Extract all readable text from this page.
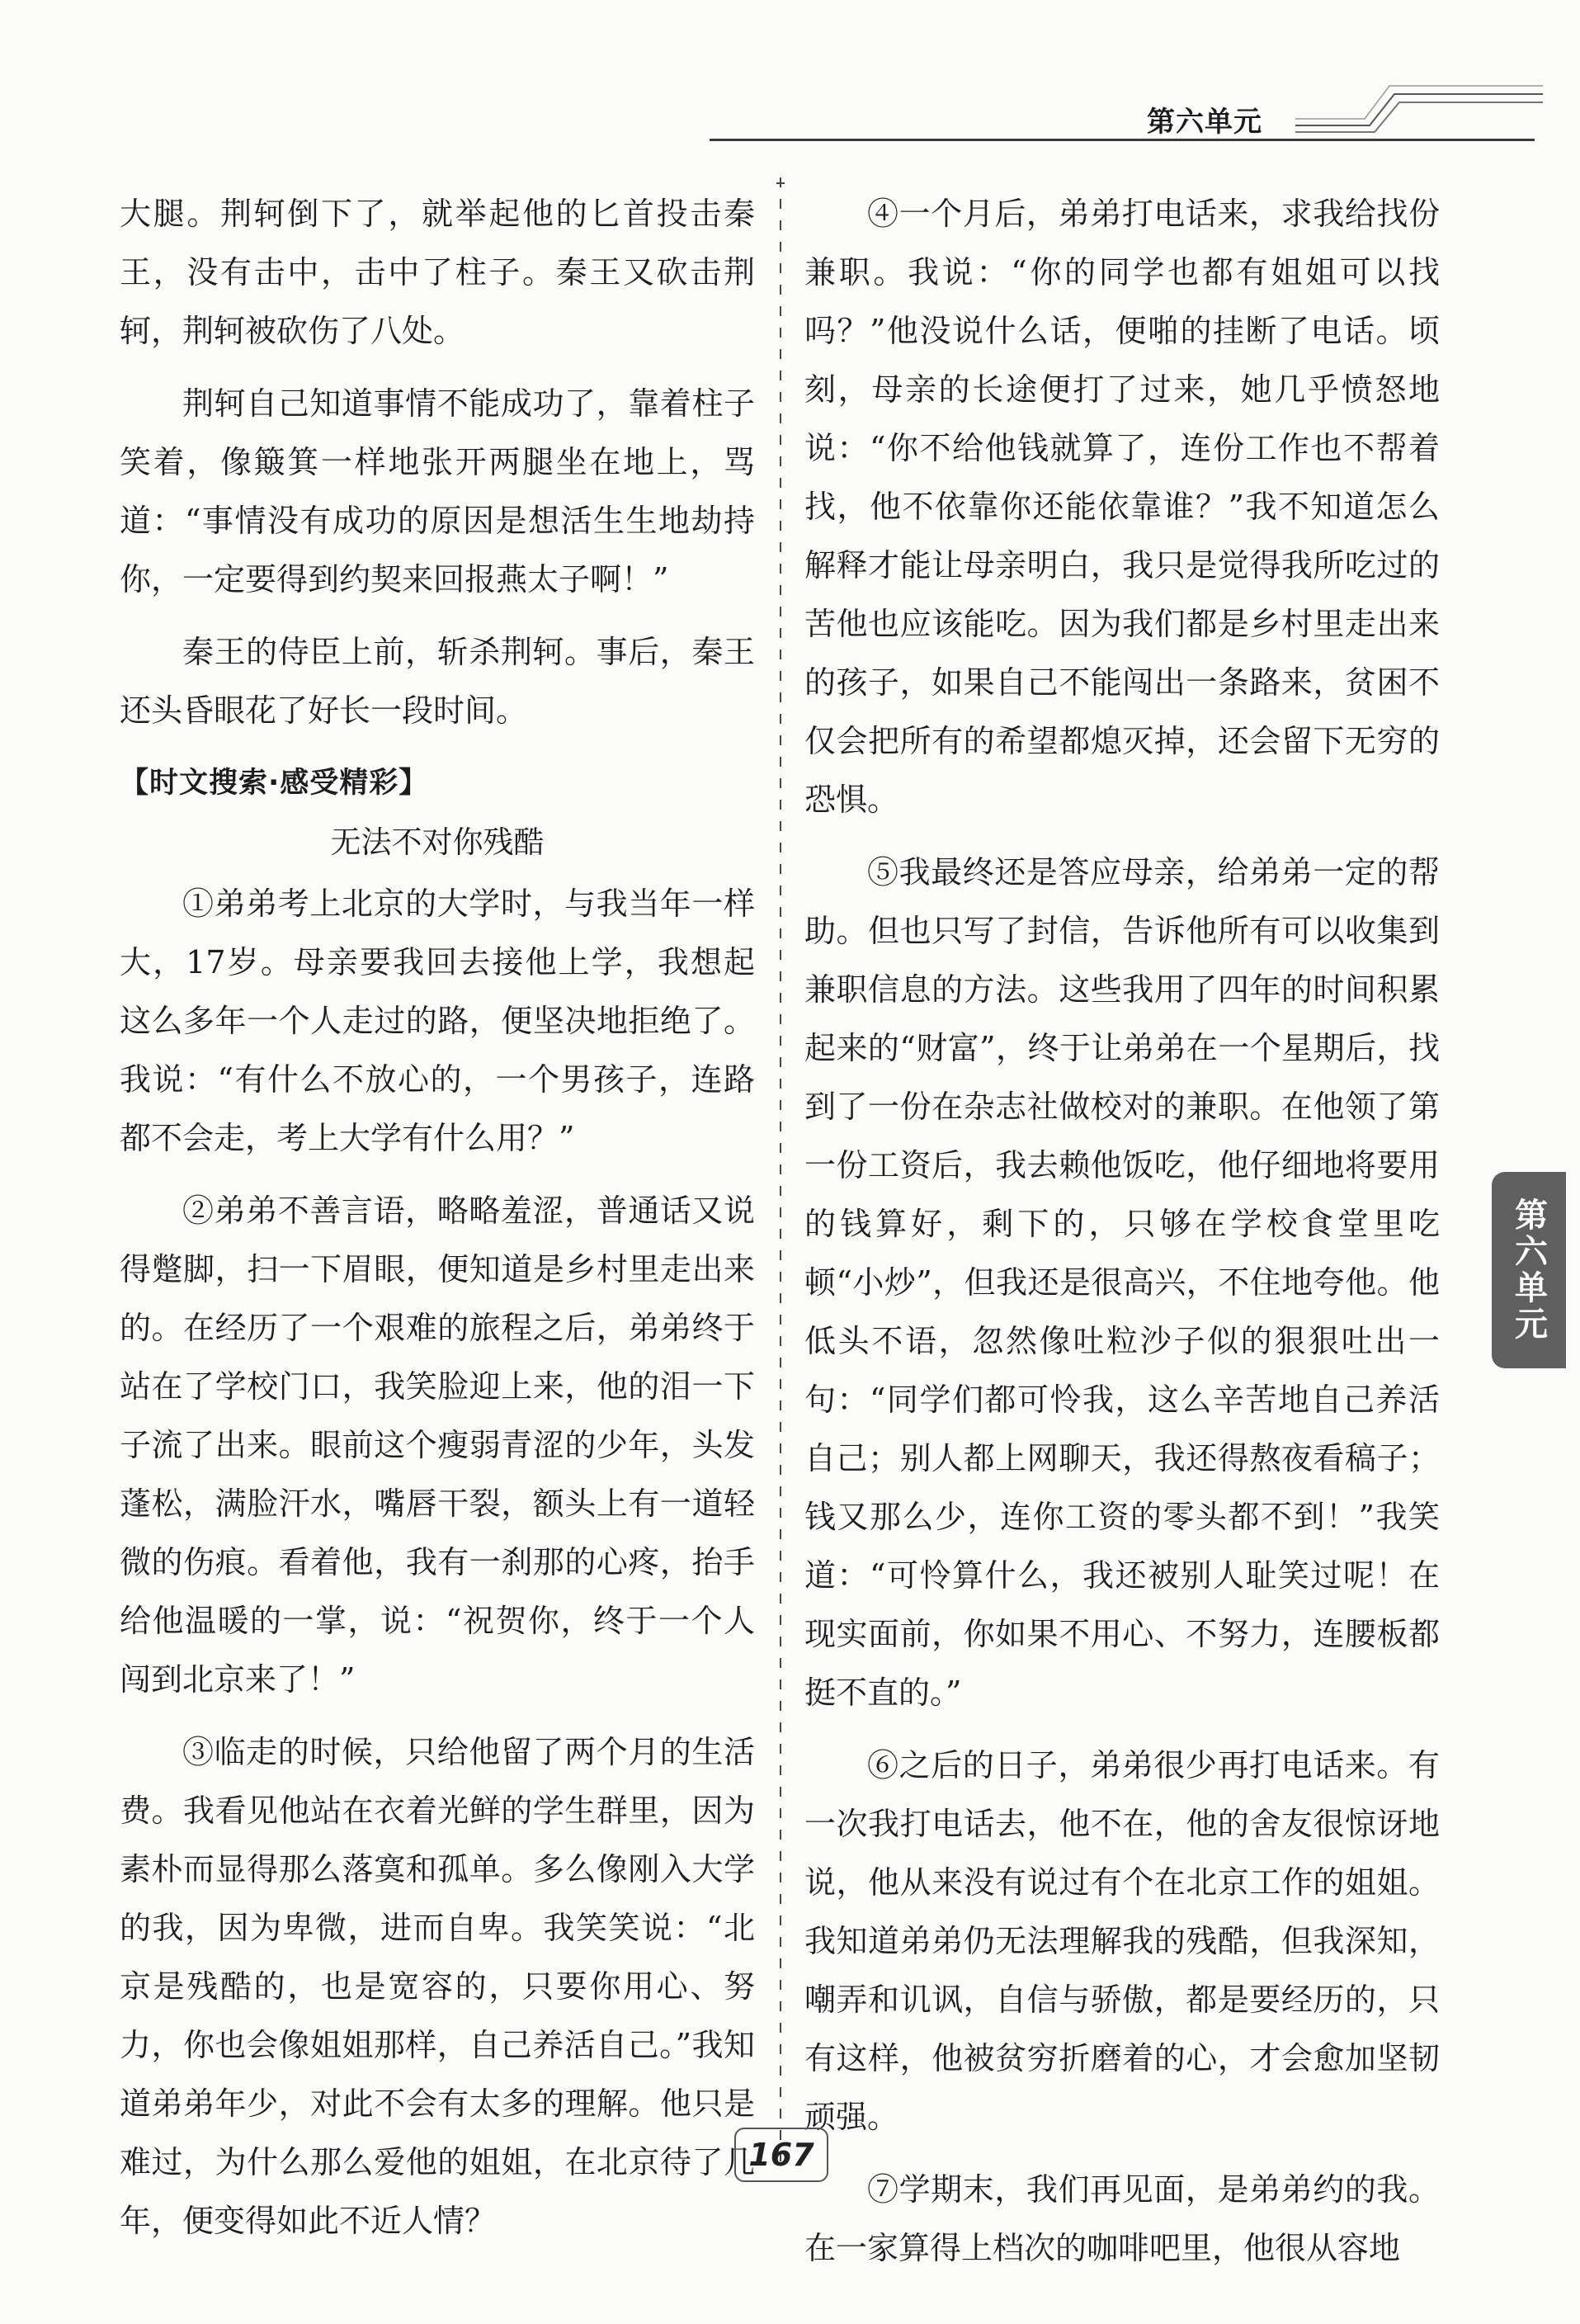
第六单元

大腿。荆轲倒下了，就举起他的匕首投击秦王，没有击中，击中了柱子。秦王又砍击荆轲，荆轲被砍伤了八处。

荆轲自己知道事情不能成功了，靠着柱子笑着，像簸箕一样地张开两腿坐在地上，骂道：“事情没有成功的原因是想活生生地劫持你，一定要得到约契来回报燕太子啊！”

秦王的侍臣上前，斩杀荆轲。事后，秦王还头昏眼花了好长一段时间。

【时文搜索·感受精彩】
无法不对你残酷

①弟弟考上北京的大学时，与我当年一样大，17岁。母亲要我回去接他上学，我想起这么多年一个人走过的路，便坚决地拒绝了。我说：“有什么不放心的，一个男孩子，连路都不会走，考上大学有什么用？”

②弟弟不善言语，略略羞涩，普通话又说得蹩脚，扫一下眉眼，便知道是乡村里走出来的。在经历了一个艰难的旅程之后，弟弟终于站在了学校门口，我笑脸迎上来，他的泪一下子流了出来。眼前这个瘦弱青涩的少年，头发蓬松，满脸汗水，嘴唇干裂，额头上有一道轻微的伤痕。看着他，我有一刹那的心疼，抬手给他温暖的一掌，说：“祝贺你，终于一个人闯到北京来了！”

③临走的时候，只给他留了两个月的生活费。我看见他站在衣着光鲜的学生群里，因为素朴而显得那么落寞和孤单。多么像刚入大学的我，因为卑微，进而自卑。我笑笑说：“北京是残酷的，也是宽容的，只要你用心、努力，你也会像姐姐那样，自己养活自己。”我知道弟弟年少，对此不会有太多的理解。他只是难过，为什么那么爱他的姐姐，在北京待了几年，便变得如此不近人情？

④一个月后，弟弟打电话来，求我给找份兼职。我说：“你的同学也都有姐姐可以找吗？”他没说什么话，便啪的挂断了电话。顷刻，母亲的长途便打了过来，她几乎愤怒地说：“你不给他钱就算了，连份工作也不帮着找，他不依靠你还能依靠谁？”我不知道怎么解释才能让母亲明白，我只是觉得我所吃过的苦他也应该能吃。因为我们都是乡村里走出来的孩子，如果自己不能闯出一条路来，贫困不仅会把所有的希望都熄灭掉，还会留下无穷的恐惧。

⑤我最终还是答应母亲，给弟弟一定的帮助。但也只写了封信，告诉他所有可以收集到兼职信息的方法。这些我用了四年的时间积累起来的“财富”，终于让弟弟在一个星期后，找到了一份在杂志社做校对的兼职。在他领了第一份工资后，我去赖他饭吃，他仔细地将要用的钱算好，剩下的，只够在学校食堂里吃顿“小炒”，但我还是很高兴，不住地夸他。他低头不语，忽然像吐粒沙子似的狠狠吐出一句：“同学们都可怜我，这么辛苦地自己养活自己；别人都上网聊天，我还得熬夜看稿子；钱又那么少，连你工资的零头都不到！”我笑道：“可怜算什么，我还被别人耻笑过呢！在现实面前，你如果不用心、不努力，连腰板都挺不直的。”

⑥之后的日子，弟弟很少再打电话来。有一次我打电话去，他不在，他的舍友很惊讶地说，他从来没有说过有个在北京工作的姐姐。我知道弟弟仍无法理解我的残酷，但我深知，嘲弄和讥讽，自信与骄傲，都是要经历的，只有这样，他被贫穷折磨着的心，才会愈加坚韧顽强。

⑦学期末，我们再见面，是弟弟约的我。在一家算得上档次的咖啡吧里，他很从容地

第六单元
167
